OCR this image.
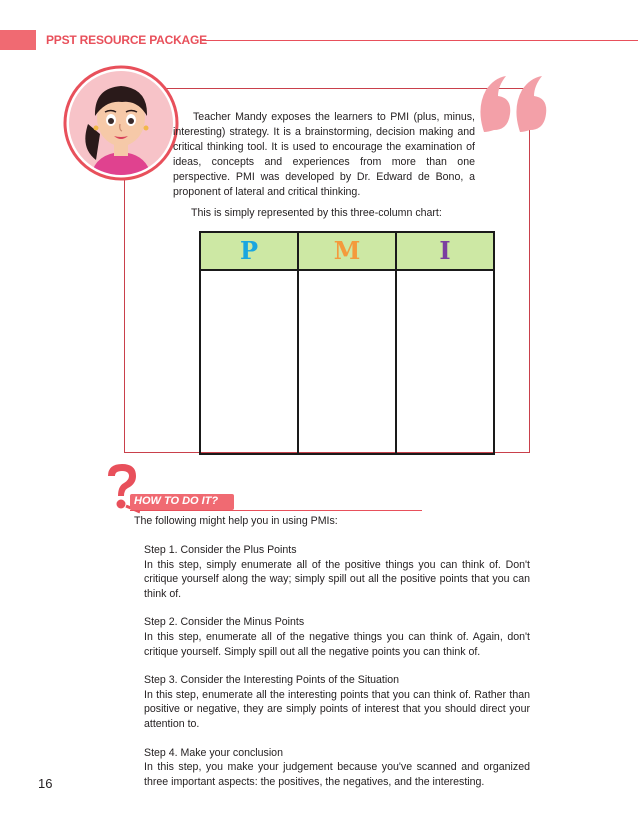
PPST RESOURCE PACKAGE

Teacher Mandy exposes the learners to PMI (plus, minus, interesting) strategy. It is a brainstorming, decision making and critical thinking tool. It is used to encourage the examination of ideas, concepts and experiences from more than one perspective. PMI was developed by Dr. Edward de Bono, a proponent of lateral and critical thinking.

This is simply represented by this three-column chart:
P	M	I
HOW TO DO IT?
The following might help you in using PMIs:
Step 1. Consider the Plus Points
In this step, simply enumerate all of the positive things you can think of. Don't critique yourself along the way; simply spill out all the positive points that you can think of.
Step 2. Consider the Minus Points
In this step, enumerate all of the negative things you can think of. Again, don't critique yourself. Simply spill out all the negative points you can think of.
Step 3. Consider the Interesting Points of the Situation
In this step, enumerate all the interesting points that you can think of. Rather than positive or negative, they are simply points of interest that you should direct your attention to.
Step 4. Make your conclusion
In this step, you make your judgement because you've scanned and organized three important aspects: the positives, the negatives, and the interesting.
16
